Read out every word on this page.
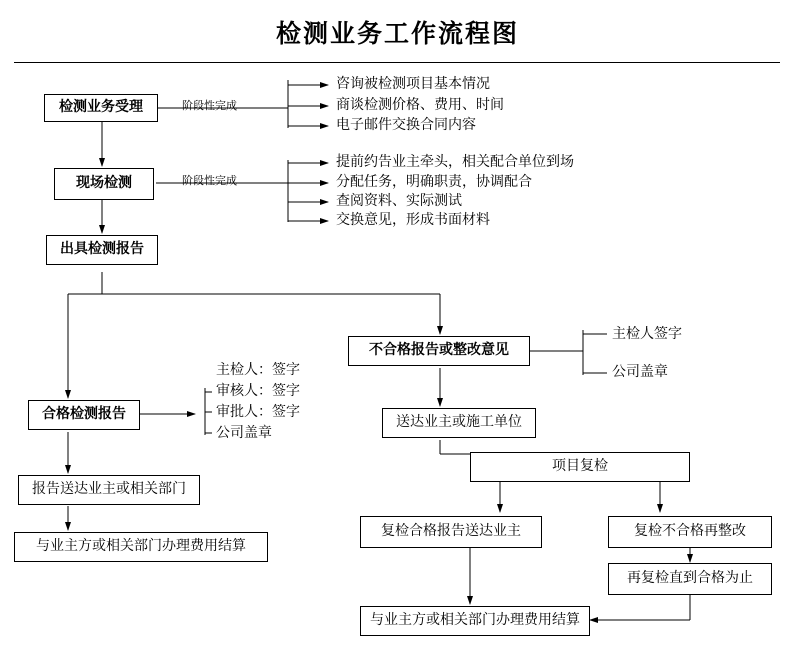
检测业务工作流程图
检测业务受理
现场检测
出具检测报告
合格检测报告
报告送达业主或相关部门
与业主方或相关部门办理费用结算
不合格报告或整改意见
送达业主或施工单位
项目复检
复检合格报告送达业主	复检不合格再整改
再复检直到合格为止
与业主方或相关部门办理费用结算
阶段性完成
阶段性完成
咨询被检测项目基本情况
商谈检测价格、费用、时间
电子邮件交换合同内容
提前约告业主牵头，相关配合单位到场
分配任务，明确职责，协调配合
查阅资料、实际测试
交换意见，形成书面材料
主检人：签字
审核人：签字
审批人：签字
公司盖章
主检人签字
公司盖章
